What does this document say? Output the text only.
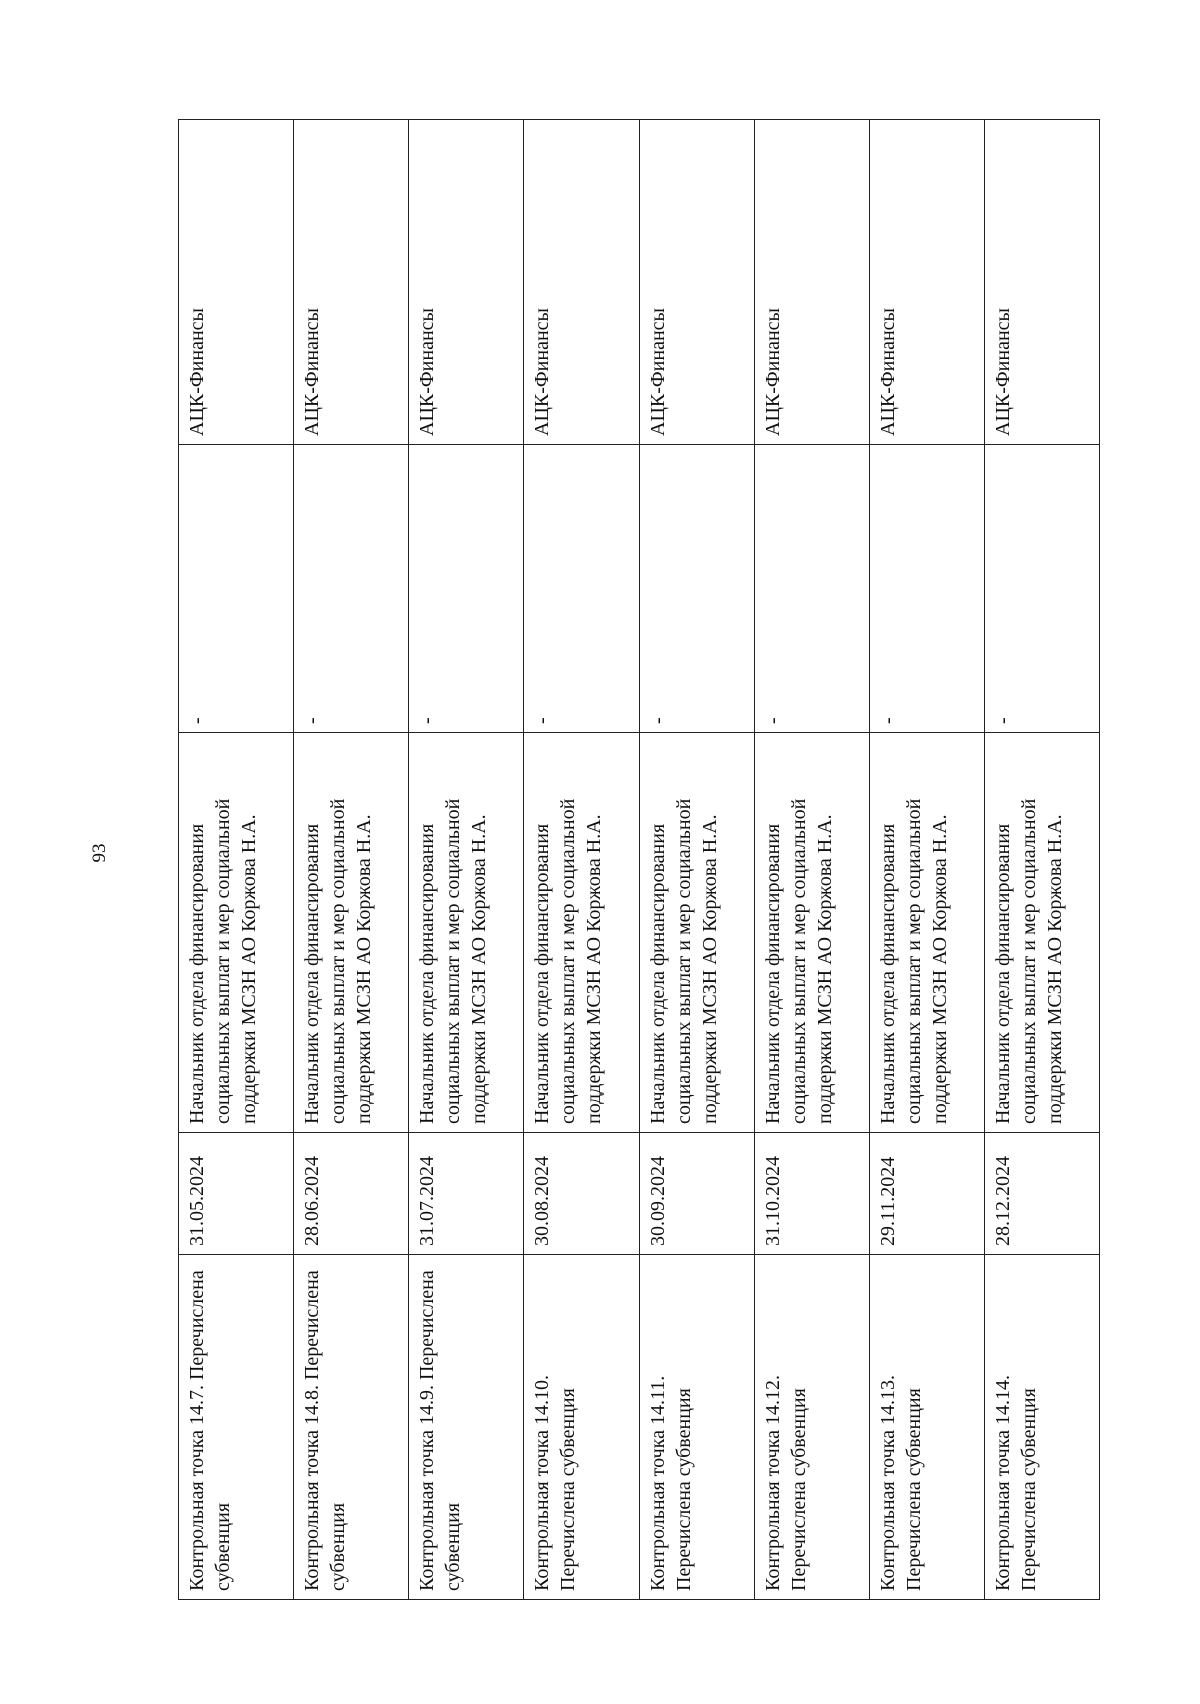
93
Контрольная точка 14.7. Перечислена субвенция	31.05.2024	Начальник отдела финансирования социальных выплат и мер социальной поддержки МСЗН АО Коржова Н.А.	-	АЦК-Финансы
Контрольная точка 14.8. Перечислена субвенция	28.06.2024	Начальник отдела финансирования социальных выплат и мер социальной поддержки МСЗН АО Коржова Н.А.	-	АЦК-Финансы
Контрольная точка 14.9. Перечислена субвенция	31.07.2024	Начальник отдела финансирования социальных выплат и мер социальной поддержки МСЗН АО Коржова Н.А.	-	АЦК-Финансы
Контрольная точка 14.10. Перечислена субвенция	30.08.2024	Начальник отдела финансирования социальных выплат и мер социальной поддержки МСЗН АО Коржова Н.А.	-	АЦК-Финансы
Контрольная точка 14.11. Перечислена субвенция	30.09.2024	Начальник отдела финансирования социальных выплат и мер социальной поддержки МСЗН АО Коржова Н.А.	-	АЦК-Финансы
Контрольная точка 14.12. Перечислена субвенция	31.10.2024	Начальник отдела финансирования социальных выплат и мер социальной поддержки МСЗН АО Коржова Н.А.	-	АЦК-Финансы
Контрольная точка 14.13. Перечислена субвенция	29.11.2024	Начальник отдела финансирования социальных выплат и мер социальной поддержки МСЗН АО Коржова Н.А.	-	АЦК-Финансы
Контрольная точка 14.14. Перечислена субвенция	28.12.2024	Начальник отдела финансирования социальных выплат и мер социальной поддержки МСЗН АО Коржова Н.А.	-	АЦК-Финансы
